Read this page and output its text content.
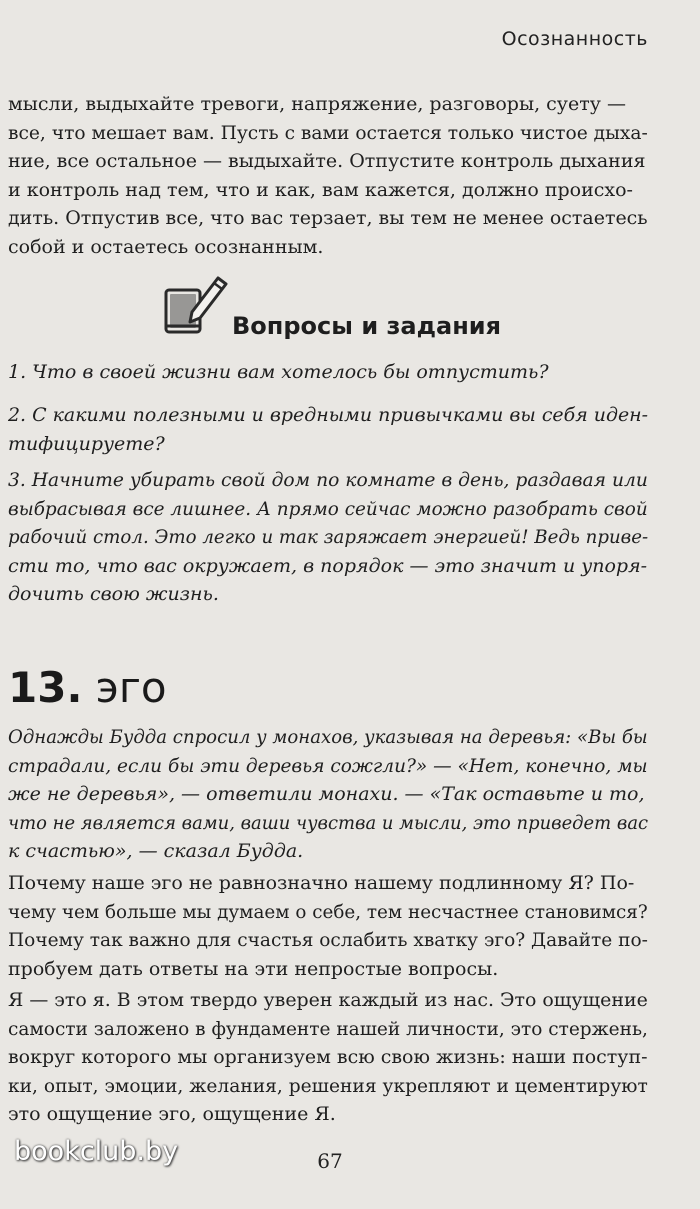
Осознанность

мысли, выдыхайте тревоги, напряжение, разговоры, суету —
все, что мешает вам. Пусть с вами остается только чистое дыха-
ние, все остальное — выдыхайте. Отпустите контроль дыхания
и контроль над тем, что и как, вам кажется, должно происхо-
дить. Отпустив все, что вас терзает, вы тем не менее остаетесь
собой и остаетесь осознанным.

Вопросы и задания

1. Что в своей жизни вам хотелось бы отпустить?

2. С какими полезными и вредными привычками вы себя иден-
тифицируете?

3. Начните убирать свой дом по комнате в день, раздавая или
выбрасывая все лишнее. А прямо сейчас можно разобрать свой
рабочий стол. Это легко и так заряжает энергией! Ведь приве-
сти то, что вас окружает, в порядок — это значит и упоря-
дочить свою жизнь.

13. эго

Однажды Будда спросил у монахов, указывая на деревья: «Вы бы
страдали, если бы эти деревья сожгли?» — «Нет, конечно, мы
же не деревья», — ответили монахи. — «Так оставьте и то,
что не является вами, ваши чувства и мысли, это приведет вас
к счастью», — сказал Будда.

Почему наше эго не равнозначно нашему подлинному Я? По-
чему чем больше мы думаем о себе, тем несчастнее становимся?
Почему так важно для счастья ослабить хватку эго? Давайте по-
пробуем дать ответы на эти непростые вопросы.

Я — это я. В этом твердо уверен каждый из нас. Это ощущение
самости заложено в фундаменте нашей личности, это стержень,
вокруг которого мы организуем всю свою жизнь: наши поступ-
ки, опыт, эмоции, желания, решения укрепляют и цементируют
это ощущение эго, ощущение Я.

67
bookclub.by
